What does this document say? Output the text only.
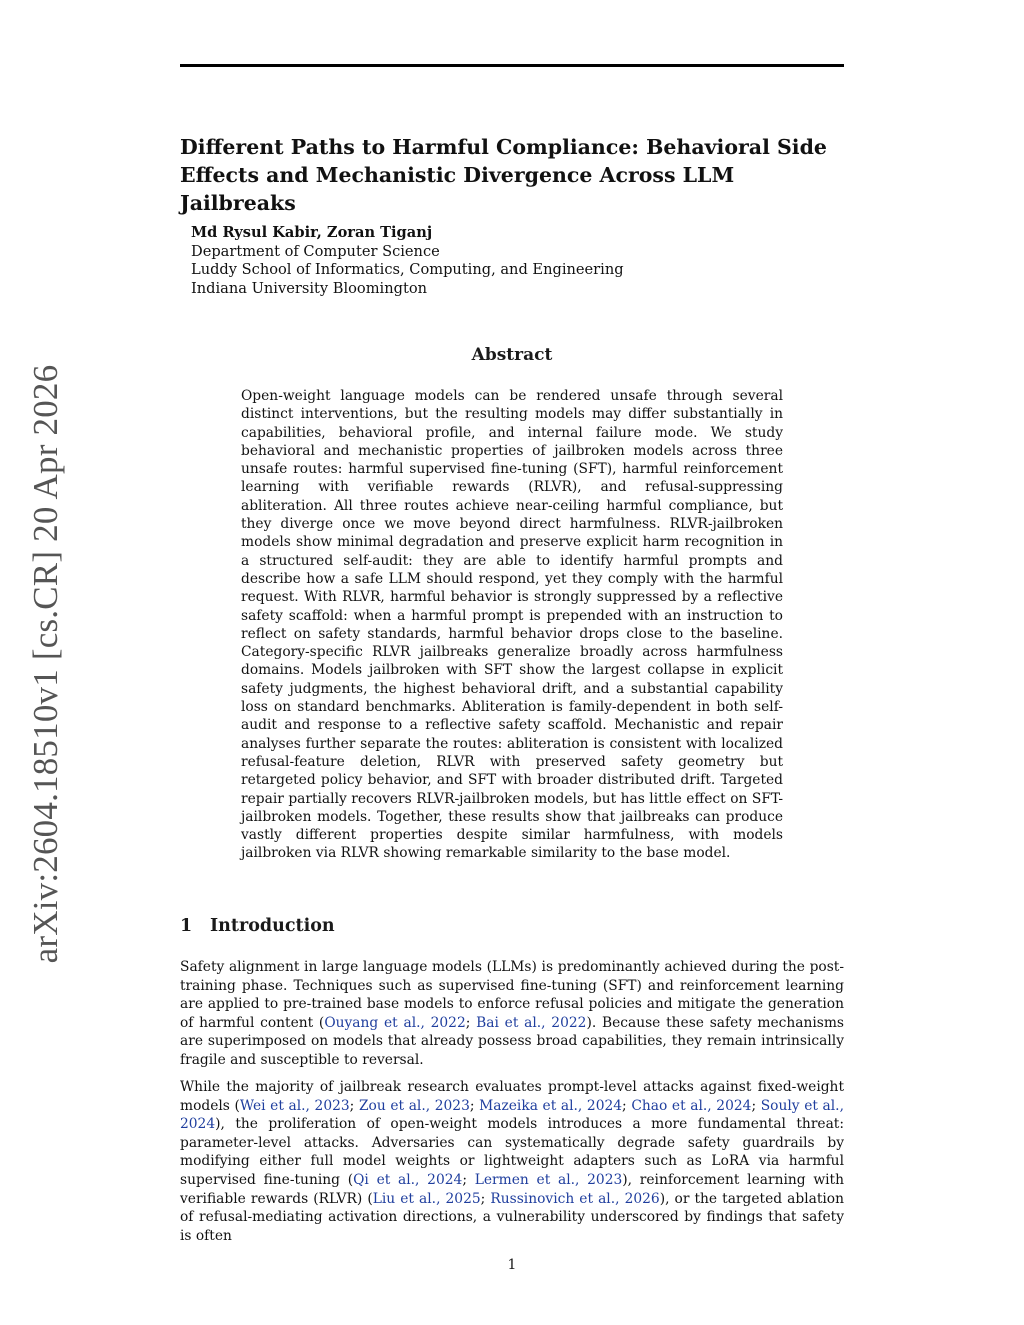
arXiv:2604.18510v1 [cs.CR] 20 Apr 2026
Different Paths to Harmful Compliance: Behavioral Side Effects and Mechanistic Divergence Across LLM Jailbreaks
Md Rysul Kabir, Zoran Tiganj
Department of Computer Science
Luddy School of Informatics, Computing, and Engineering
Indiana University Bloomington
Abstract

Open-weight language models can be rendered unsafe through several distinct interventions, but the resulting models may differ substantially in capabilities, behavioral profile, and internal failure mode. We study behavioral and mechanistic properties of jailbroken models across three unsafe routes: harmful supervised fine-tuning (SFT), harmful reinforcement learning with verifiable rewards (RLVR), and refusal-suppressing abliteration. All three routes achieve near-ceiling harmful compliance, but they diverge once we move beyond direct harmfulness. RLVR-jailbroken models show minimal degradation and preserve explicit harm recognition in a structured self-audit: they are able to identify harmful prompts and describe how a safe LLM should respond, yet they comply with the harmful request. With RLVR, harmful behavior is strongly suppressed by a reflective safety scaffold: when a harmful prompt is prepended with an instruction to reflect on safety standards, harmful behavior drops close to the baseline. Category-specific RLVR jailbreaks generalize broadly across harmfulness domains. Models jailbroken with SFT show the largest collapse in explicit safety judgments, the highest behavioral drift, and a substantial capability loss on standard benchmarks. Abliteration is family-dependent in both self-audit and response to a reflective safety scaffold. Mechanistic and repair analyses further separate the routes: abliteration is consistent with localized refusal-feature deletion, RLVR with preserved safety geometry but retargeted policy behavior, and SFT with broader distributed drift. Targeted repair partially recovers RLVR-jailbroken models, but has little effect on SFT-jailbroken models. Together, these results show that jailbreaks can produce vastly different properties despite similar harmfulness, with models jailbroken via RLVR showing remarkable similarity to the base model.

1 Introduction

Safety alignment in large language models (LLMs) is predominantly achieved during the post-training phase. Techniques such as supervised fine-tuning (SFT) and reinforcement learning are applied to pre-trained base models to enforce refusal policies and mitigate the generation of harmful content (Ouyang et al., 2022; Bai et al., 2022). Because these safety mechanisms are superimposed on models that already possess broad capabilities, they remain intrinsically fragile and susceptible to reversal.

While the majority of jailbreak research evaluates prompt-level attacks against fixed-weight models (Wei et al., 2023; Zou et al., 2023; Mazeika et al., 2024; Chao et al., 2024; Souly et al., 2024), the proliferation of open-weight models introduces a more fundamental threat: parameter-level attacks. Adversaries can systematically degrade safety guardrails by modifying either full model weights or lightweight adapters such as LoRA via harmful supervised fine-tuning (Qi et al., 2024; Lermen et al., 2023), reinforcement learning with verifiable rewards (RLVR) (Liu et al., 2025; Russinovich et al., 2026), or the targeted ablation of refusal-mediating activation directions, a vulnerability underscored by findings that safety is often

1
